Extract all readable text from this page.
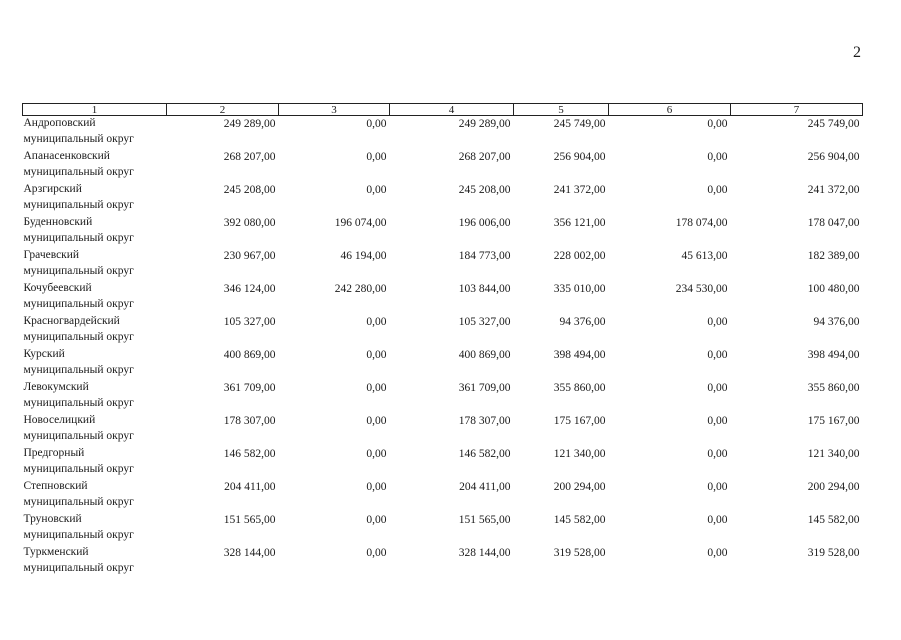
2
1	2	3	4	5	6	7

Андроповский
муниципальный округ	249 289,00	0,00	249 289,00	245 749,00	0,00	245 749,00

Апанасенковский
муниципальный округ	268 207,00	0,00	268 207,00	256 904,00	0,00	256 904,00

Арзгирский
муниципальный округ	245 208,00	0,00	245 208,00	241 372,00	0,00	241 372,00

Буденновский
муниципальный округ	392 080,00	196 074,00	196 006,00	356 121,00	178 074,00	178 047,00

Грачевский
муниципальный округ	230 967,00	46 194,00	184 773,00	228 002,00	45 613,00	182 389,00

Кочубеевский
муниципальный округ	346 124,00	242 280,00	103 844,00	335 010,00	234 530,00	100 480,00

Красногвардейский
муниципальный округ	105 327,00	0,00	105 327,00	94 376,00	0,00	94 376,00

Курский
муниципальный округ	400 869,00	0,00	400 869,00	398 494,00	0,00	398 494,00

Левокумский
муниципальный округ	361 709,00	0,00	361 709,00	355 860,00	0,00	355 860,00

Новоселицкий
муниципальный округ	178 307,00	0,00	178 307,00	175 167,00	0,00	175 167,00

Предгорный
муниципальный округ	146 582,00	0,00	146 582,00	121 340,00	0,00	121 340,00

Степновский
муниципальный округ	204 411,00	0,00	204 411,00	200 294,00	0,00	200 294,00

Труновский
муниципальный округ	151 565,00	0,00	151 565,00	145 582,00	0,00	145 582,00

Туркменский
муниципальный округ	328 144,00	0,00	328 144,00	319 528,00	0,00	319 528,00
